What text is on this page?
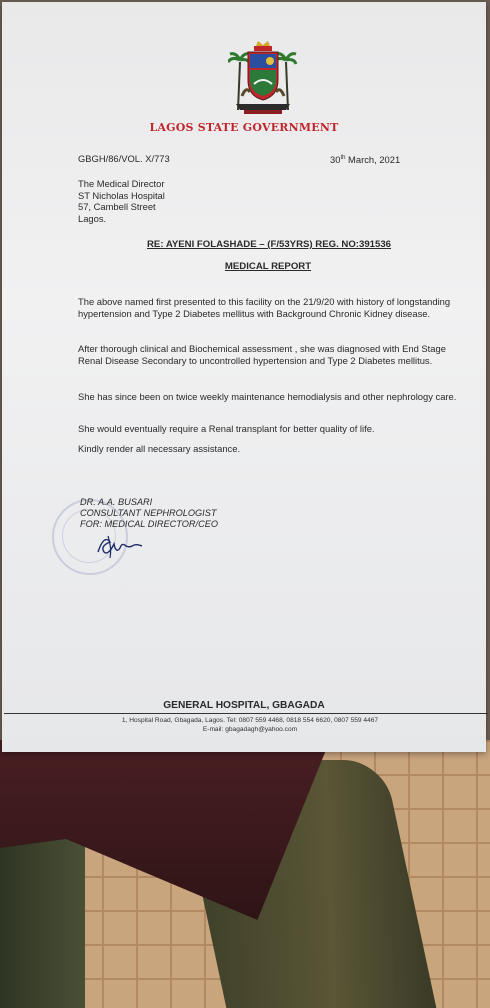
LAGOS STATE GOVERNMENT

GBGH/86/VOL. X/773	30th March, 2021

The Medical Director
ST Nicholas Hospital
57, Cambell Street
Lagos.

RE: AYENI FOLASHADE – (F/53YRS) REG. NO:391536

MEDICAL REPORT

The above named first presented to this facility on the 21/9/20 with history of longstanding hypertension and Type 2 Diabetes mellitus with Background Chronic Kidney disease.

After thorough clinical and Biochemical assessment , she was diagnosed with End Stage Renal Disease Secondary to uncontrolled hypertension and Type 2 Diabetes mellitus.

She has since been on twice weekly maintenance hemodialysis and other nephrology care.

She would eventually require a Renal transplant for better quality of life.

Kindly render all necessary assistance.

DR. A.A. BUSARI
CONSULTANT NEPHROLOGIST
FOR: MEDICAL DIRECTOR/CEO
GENERAL HOSPITAL, GBAGADA
1, Hospital Road, Gbagada, Lagos. Tel: 0807 559 4468, 0818 554 6620, 0807 559 4467
E-mail: gbagadagh@yahoo.com
